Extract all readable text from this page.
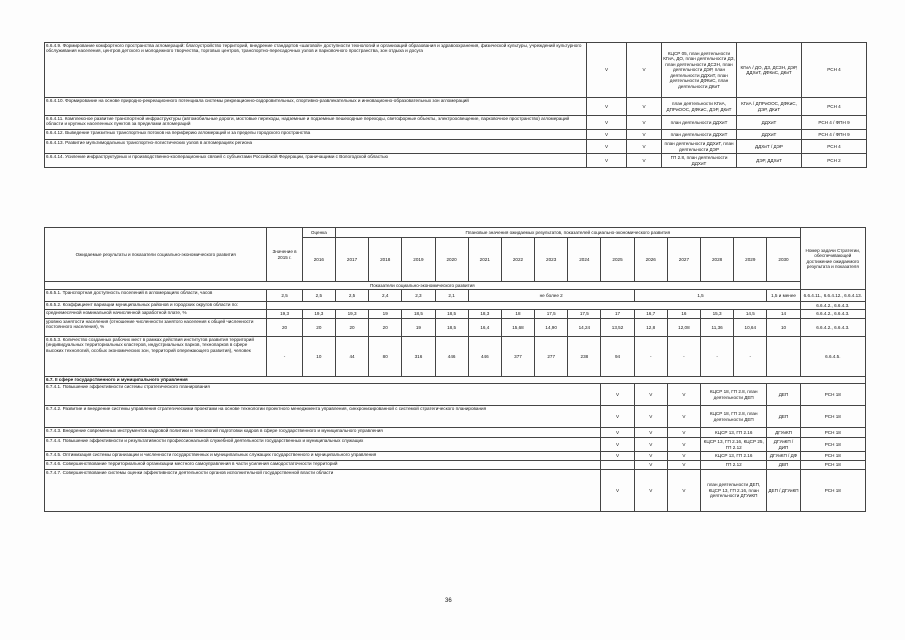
6.6.4.9. Формирование комфортного пространства агломераций: благоустройство территорий, внедрение стандартов «шаговой» доступности технологий и организаций образования и здравоохранения, физической культуры, учреждений культурного обслуживания населения, центров детского и молодежного творчества, торговых центров, транспортно-пересадочных узлов и парковочного пространства, зон отдыха и досуга	V	V	КЦСР 05, план деятельности КГиА, ДО, план деятельности ДЗ, план деятельности ДСЗН, план деятельности ДЭР, план деятельности ДДХиТ, план деятельности ДФКиС, план деятельности ДКиТ	КГиА / ДО, ДЗ, ДСЗН, ДЭР, ДДХиТ, ДФКиС, ДКиТ	РСН 4
6.6.4.10. Формирование на основе природно-рекреационного потенциала системы рекреационно-оздоровительных, спортивно-развлекательных и инновационно-образовательных зон агломераций	V	V	план деятельности КГиА, ДПРиООС, ДФКиС, ДЭР, ДКиТ	КГиА / ДПРиООС, ДФКиС, ДЭР, ДКиТ	РСН 4
6.6.4.11. Комплексное развитие транспортной инфраструктуры (автомобильные дороги, мостовые переходы, надземные и подземные пешеходные переходы, светофорные объекты, электроосвещение, парковочное пространство) агломераций области и крупных населенных пунктов за пределами агломераций	V	V	план деятельности ДДХиТ	ДДХиТ	РСН 4 / ФПН 9
6.6.4.12. Выведение транзитных транспортных потоков на периферию агломераций и за пределы городского пространства	V	V	план деятельности ДДХиТ	ДДХиТ	РСН 4 / ФПН 9
6.6.4.13. Развитие мультимодальных транспортно-логистических узлов в агломерациях региона	V	V	план деятельности ДДХиТ, план деятельности ДЭР	ДДХиТ / ДЭР	РСН 4
6.6.4.14. Усиление инфраструктурных и производственно-кооперационных связей с субъектами Российской Федерации, граничащими с Вологодской областью	V	V	ГП 2.8, план деятельности ДДХиТ	ДЭР, ДДХиТ	РСН 2
Ожидаемые результаты и показатели социально-экономического развития	Значение в 2015 г.	Оценка	Плановые значения ожидаемых результатов, показателей социально-экономического развития														Номер задачи Стратегии, обеспечивающей достижение ожидаемого результата и показателя
		2016	2017	2018	2019	2020	2021	2022	2023	2024	2025	2026	2027	2028	2029	2030	
Показатели социально-экономического развития																	
6.6.5.1. Транспортная доступность поселений в агломерациях области, часов	2,5	2,5	2,5	2,4	2,3	2,1	не более 2					1,5				1,5 и менее	6.6.4.11., 6.6.4.12., 6.6.4.13.
6.6.5.2. Коэффициент вариации муниципальных районов и городских округов области по:																	6.6.4.2., 6.6.4.3.
среднемесячной номинальной начисленной заработной плате, %	19,3	19,3	19,3	19	18,5	18,5	18,3	18	17,5	17,5	17	16,7	16	15,3	14,5	14	6.6.4.2., 6.6.4.3.
уровню занятости населения (отношение численности занятого населения к общей численности постоянного населения), %	20	20	20	20	19	18,5	16,4	15,68	14,90	14,24	13,52	12,8	12,08	11,36	10,64	10	6.6.4.2., 6.6.4.3.
6.6.5.3. Количество созданных рабочих мест в рамках действия институтов развития территорий (индивидуальных территориальных кластеров, индустриальных парков, технопарков в сфере высоких технологий, особых экономических зон, территорий опережающего развития), человек	-	10	44	80	316	446	446	377	277	238	94	-	-	-	-		6.6.4.5.
6.7. II сфере государственного и муниципального управления																	
6.7.4.1. Повышение эффективности системы стратегического планирования											V	V	V	КЦСР 18, ГП 2.8, план деятельности ДЕП		ДЕП	РСН 18
6.7.4.2. Развитие и внедрение системы управления стратегическими проектами на основе технологии проектного менеджмента управления, синхронизированной с системой стратегического планирования											V	V	V	КЦСР 18, ГП 2.8, план деятельности ДЕП		ДЕП	РСН 18
6.7.4.3. Внедрение современных инструментов кадровой политики и технологий подготовки кадров в сфере государственного и муниципального управления											V	V	V	КЦСР 13, ГП 2.16		ДГУиКП	РСН 18
6.7.4.4. Повышение эффективности и результативности профессиональной служебной деятельности государственных и муниципальных служащих											V	V	V	КЦСР 13, ГП 2.16, КЦСР 25, ГП 2.12		ДГУиКП / ДИП	РСН 18
6.7.4.5. Оптимизация системы организации и численности государственных и муниципальных служащих государственного и муниципального управления											V	V	V	КЦСР 13, ГП 2.16		ДГУиКП / ДФ	РСН 18
6.7.4.6. Совершенствование территориальной организации местного самоуправления в части усиления самодостаточности территорий												V	V	ГП 2.12		ДВП	РСН 18
6.7.4.7. Совершенствование системы оценки эффективности деятельности органов исполнительной государственной власти области											V	V	V	план деятельности ДЕП, КЦСР 13, ГП 2.16, план деятельности ДГУиКП		ДЕП / ДГУиКП	РСН 18
36
